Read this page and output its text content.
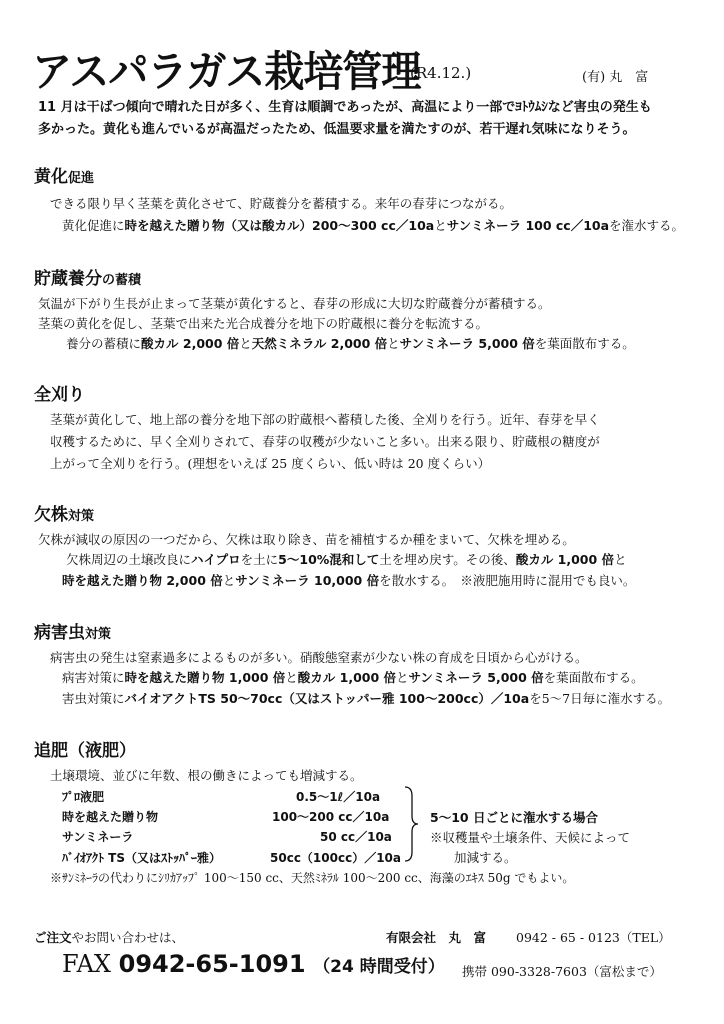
アスパラガス栽培管理
(R4.12.)	(有) 丸　富
11 月は干ばつ傾向で晴れた日が多く、生育は順調であったが、高温により一部でﾖﾄｳﾑｼなど害虫の発生も
多かった。黄化も進んでいるが高温だったため、低温要求量を満たすのが、若干遅れ気味になりそう。
黄化促進
できる限り早く茎葉を黄化させて、貯蔵養分を蓄積する。来年の春芽につながる。
黄化促進に時を越えた贈り物（又は酸カル）200～300 cc／10aとサンミネーラ 100 cc／10aを潅水する。
貯蔵養分の蓄積
気温が下がり生長が止まって茎葉が黄化すると、春芽の形成に大切な貯蔵養分が蓄積する。
茎葉の黄化を促し、茎葉で出来た光合成養分を地下の貯蔵根に養分を転流する。
養分の蓄積に酸カル 2,000 倍と天然ミネラル 2,000 倍とサンミネーラ 5,000 倍を葉面散布する。
全刈り
茎葉が黄化して、地上部の養分を地下部の貯蔵根へ蓄積した後、全刈りを行う。近年、春芽を早く
収穫するために、早く全刈りされて、春芽の収穫が少ないこと多い。出来る限り、貯蔵根の糖度が
上がって全刈りを行う。(理想をいえば 25 度くらい、低い時は 20 度くらい）
欠株対策
欠株が減収の原因の一つだから、欠株は取り除き、苗を補植するか種をまいて、欠株を埋める。
欠株周辺の土壌改良にハイプロを土に5～10%混和して土を埋め戻す。その後、酸カル 1,000 倍と
時を越えた贈り物 2,000 倍とサンミネーラ 10,000 倍を散水する。　※液肥施用時に混用でも良い。
病害虫対策
病害虫の発生は窒素過多によるものが多い。硝酸態窒素が少ない株の育成を日頃から心がける。
病害対策に時を越えた贈り物 1,000 倍と酸カル 1,000 倍とサンミネーラ 5,000 倍を葉面散布する。
害虫対策にバイオアクトTS 50～70cc（又はストッパー雅 100～200cc）／10aを5～7日毎に潅水する。
追肥（液肥）
土壌環境、並びに年数、根の働きによっても増減する。
ﾌﾟﾛ液肥	0.5～1ℓ／10a
時を越えた贈り物	100～200 cc／10a
サンミネーラ	50 cc／10a
ﾊﾞｲｵｱｸﾄ TS（又はｽﾄｯﾊﾟｰ雅）	50cc（100cc）／10a
5～10 日ごとに潅水する場合
※収穫量や土壌条件、天候によって
加減する。
※ｻﾝﾐﾈｰﾗの代わりにｼﾘｶｱｯﾌﾟ 100～150 cc、天然ﾐﾈﾗﾙ 100～200 cc、海藻のｴｷｽ 50g でもよい。
ご注文やお問い合わせは、	有限会社　丸　富 0942 - 65 - 0123（TEL）
FAX 0942-65-1091 （24 時間受付） 携帯 090-3328-7603（富松まで）
